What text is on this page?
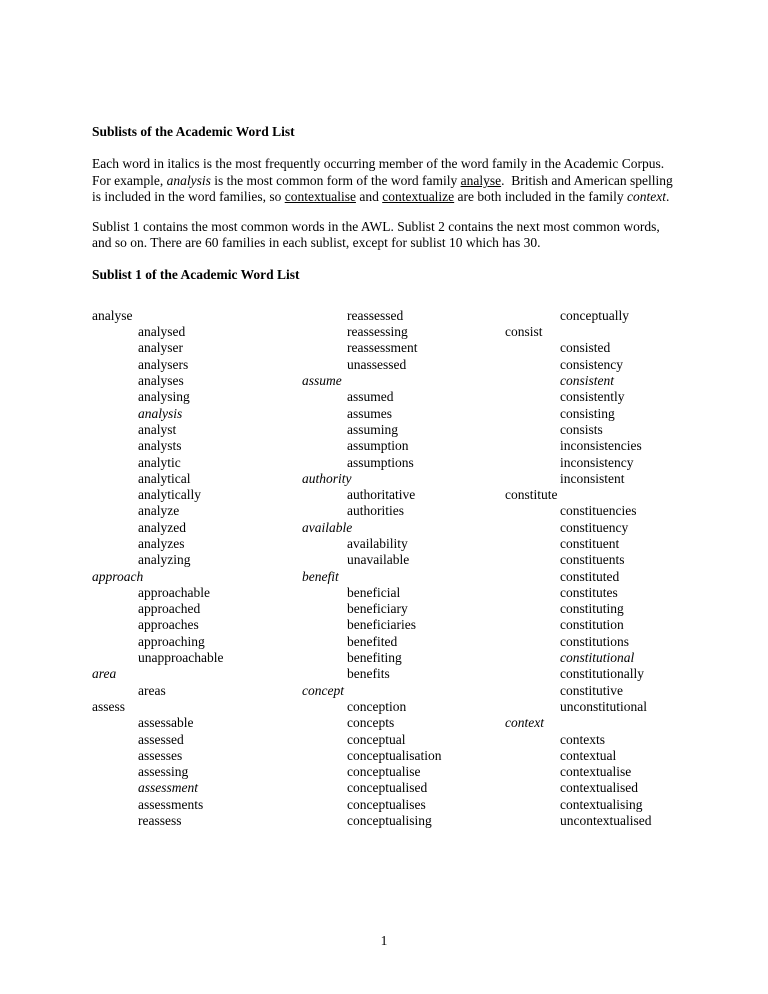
Sublists of the Academic Word List

Each word in italics is the most frequently occurring member of the word family in the Academic Corpus.  For example, analysis is the most common form of the word family analyse.  British and American spelling is included in the word families, so contextualise and contextualize are both included in the family context.

Sublist 1 contains the most common words in the AWL. Sublist 2 contains the next most common words, and so on. There are 60 families in each sublist, except for sublist 10 which has 30.

Sublist 1 of the Academic Word List
analyse
analysed
analyser
analysers
analyses
analysing
analysis
analyst
analysts
analytic
analytical
analytically
analyze
analyzed
analyzes
analyzing
approach
approachable
approached
approaches
approaching
unapproachable
area
areas
assess
assessable
assessed
assesses
assessing
assessment
assessments
reassess
reassessed
reassessing
reassessment
unassessed
assume
assumed
assumes
assuming
assumption
assumptions
authority
authoritative
authorities
available
availability
unavailable
benefit
beneficial
beneficiary
beneficiaries
benefited
benefiting
benefits
concept
conception
concepts
conceptual
conceptualisation
conceptualise
conceptualised
conceptualises
conceptualising
conceptually
consist
consisted
consistency
consistent
consistently
consisting
consists
inconsistencies
inconsistency
inconsistent
constitute
constituencies
constituency
constituent
constituents
constituted
constitutes
constituting
constitution
constitutions
constitutional
constitutionally
constitutive
unconstitutional
context
contexts
contextual
contextualise
contextualised
contextualising
uncontextualised
1
